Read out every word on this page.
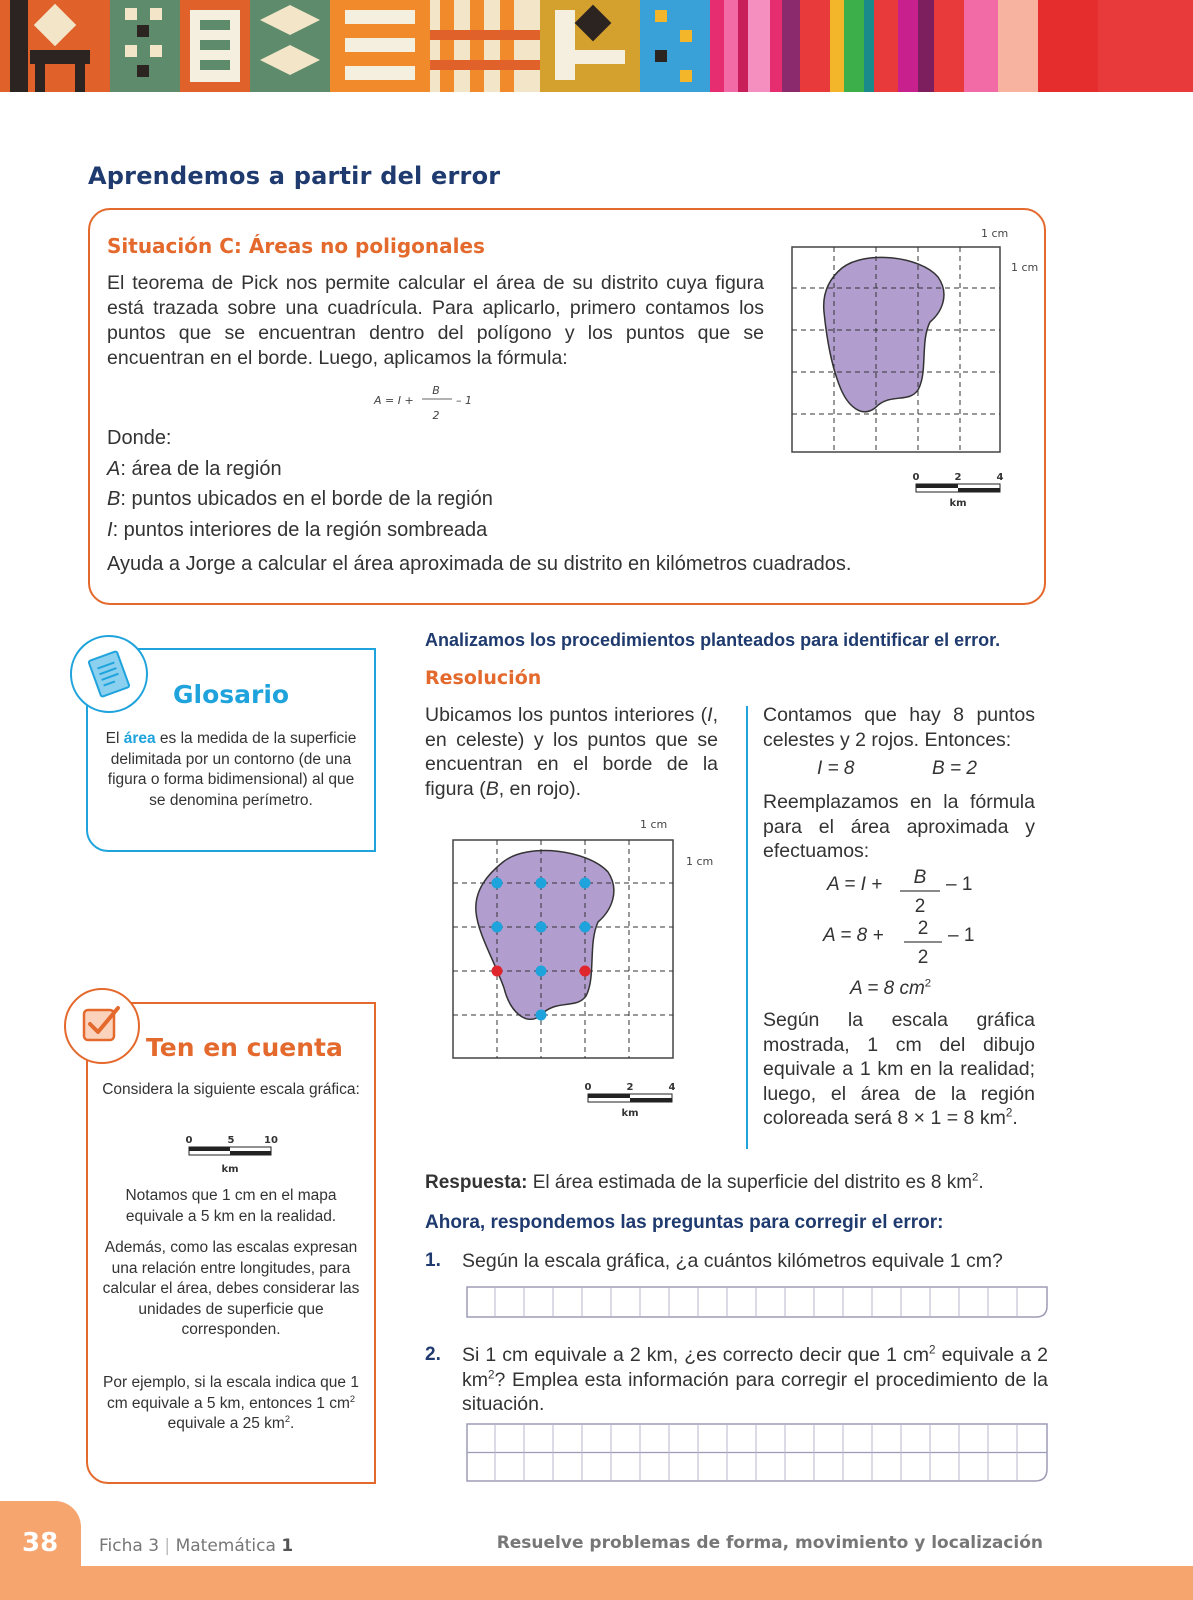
Aprendemos a partir del error
Situación C: Áreas no poligonales
El teorema de Pick nos permite calcular el área de su distrito cuya figura está trazada sobre una cuadrícula. Para aplicarlo, primero contamos los puntos que se encuentran dentro del polígono y los puntos que se encuentran en el borde. Luego, aplicamos la fórmula:
A = I +
B
2
– 1
Donde:
A: área de la región
B: puntos ubicados en el borde de la región
I: puntos interiores de la región sombreada
Ayuda a Jorge a calcular el área aproximada de su distrito en kilómetros cuadrados.
1 cm
1 cm
0	2	4
km
Glosario
El área es la medida de la superficie delimitada por un contorno (de una figura o forma bidimensional) al que se denomina perímetro.
Ten en cuenta
Considera la siguiente escala gráfica:
0	5	10
km
Notamos que 1 cm en el mapa equivale a 5 km en la realidad.
Además, como las escalas expresan una relación entre longitudes, para calcular el área, debes considerar las unidades de superficie que corresponden.
Por ejemplo, si la escala indica que 1 cm equivale a 5 km, entonces 1 $cm^2$ equivale a 25 $km^2$.
Analizamos los procedimientos planteados para identificar el error.
Resolución
Ubicamos los puntos interiores (I, en celeste) y los puntos que se encuentran en el borde de la figura (B, en rojo).
1 cm
1 cm
0	2	4
km
Contamos que hay 8 puntos celestes y 2 rojos. Entonces:
I = 8	B = 2
Reemplazamos en la fórmula para el área aproximada y efectuamos:
A = I + B
2
– 1
A = 8 + 2
2
– 1
A = 8 $cm^2$
Según la escala gráfica mostrada, 1 cm del dibujo equivale a 1 km en la realidad; luego, el área de la región coloreada será 8 × 1 = 8 $km^2$.
Respuesta: El área estimada de la superficie del distrito es 8 $km^2$.
Ahora, respondemos las preguntas para corregir el error:
1. Según la escala gráfica, ¿a cuántos kilómetros equivale 1 cm?
2. Si 1 cm equivale a 2 km, ¿es correcto decir que 1 $cm^2$ equivale a 2 $km^2$? Emplea esta información para corregir el procedimiento de la situación.
38 Ficha 3 | Matemática 1	Resuelve problemas de forma, movimiento y localización
